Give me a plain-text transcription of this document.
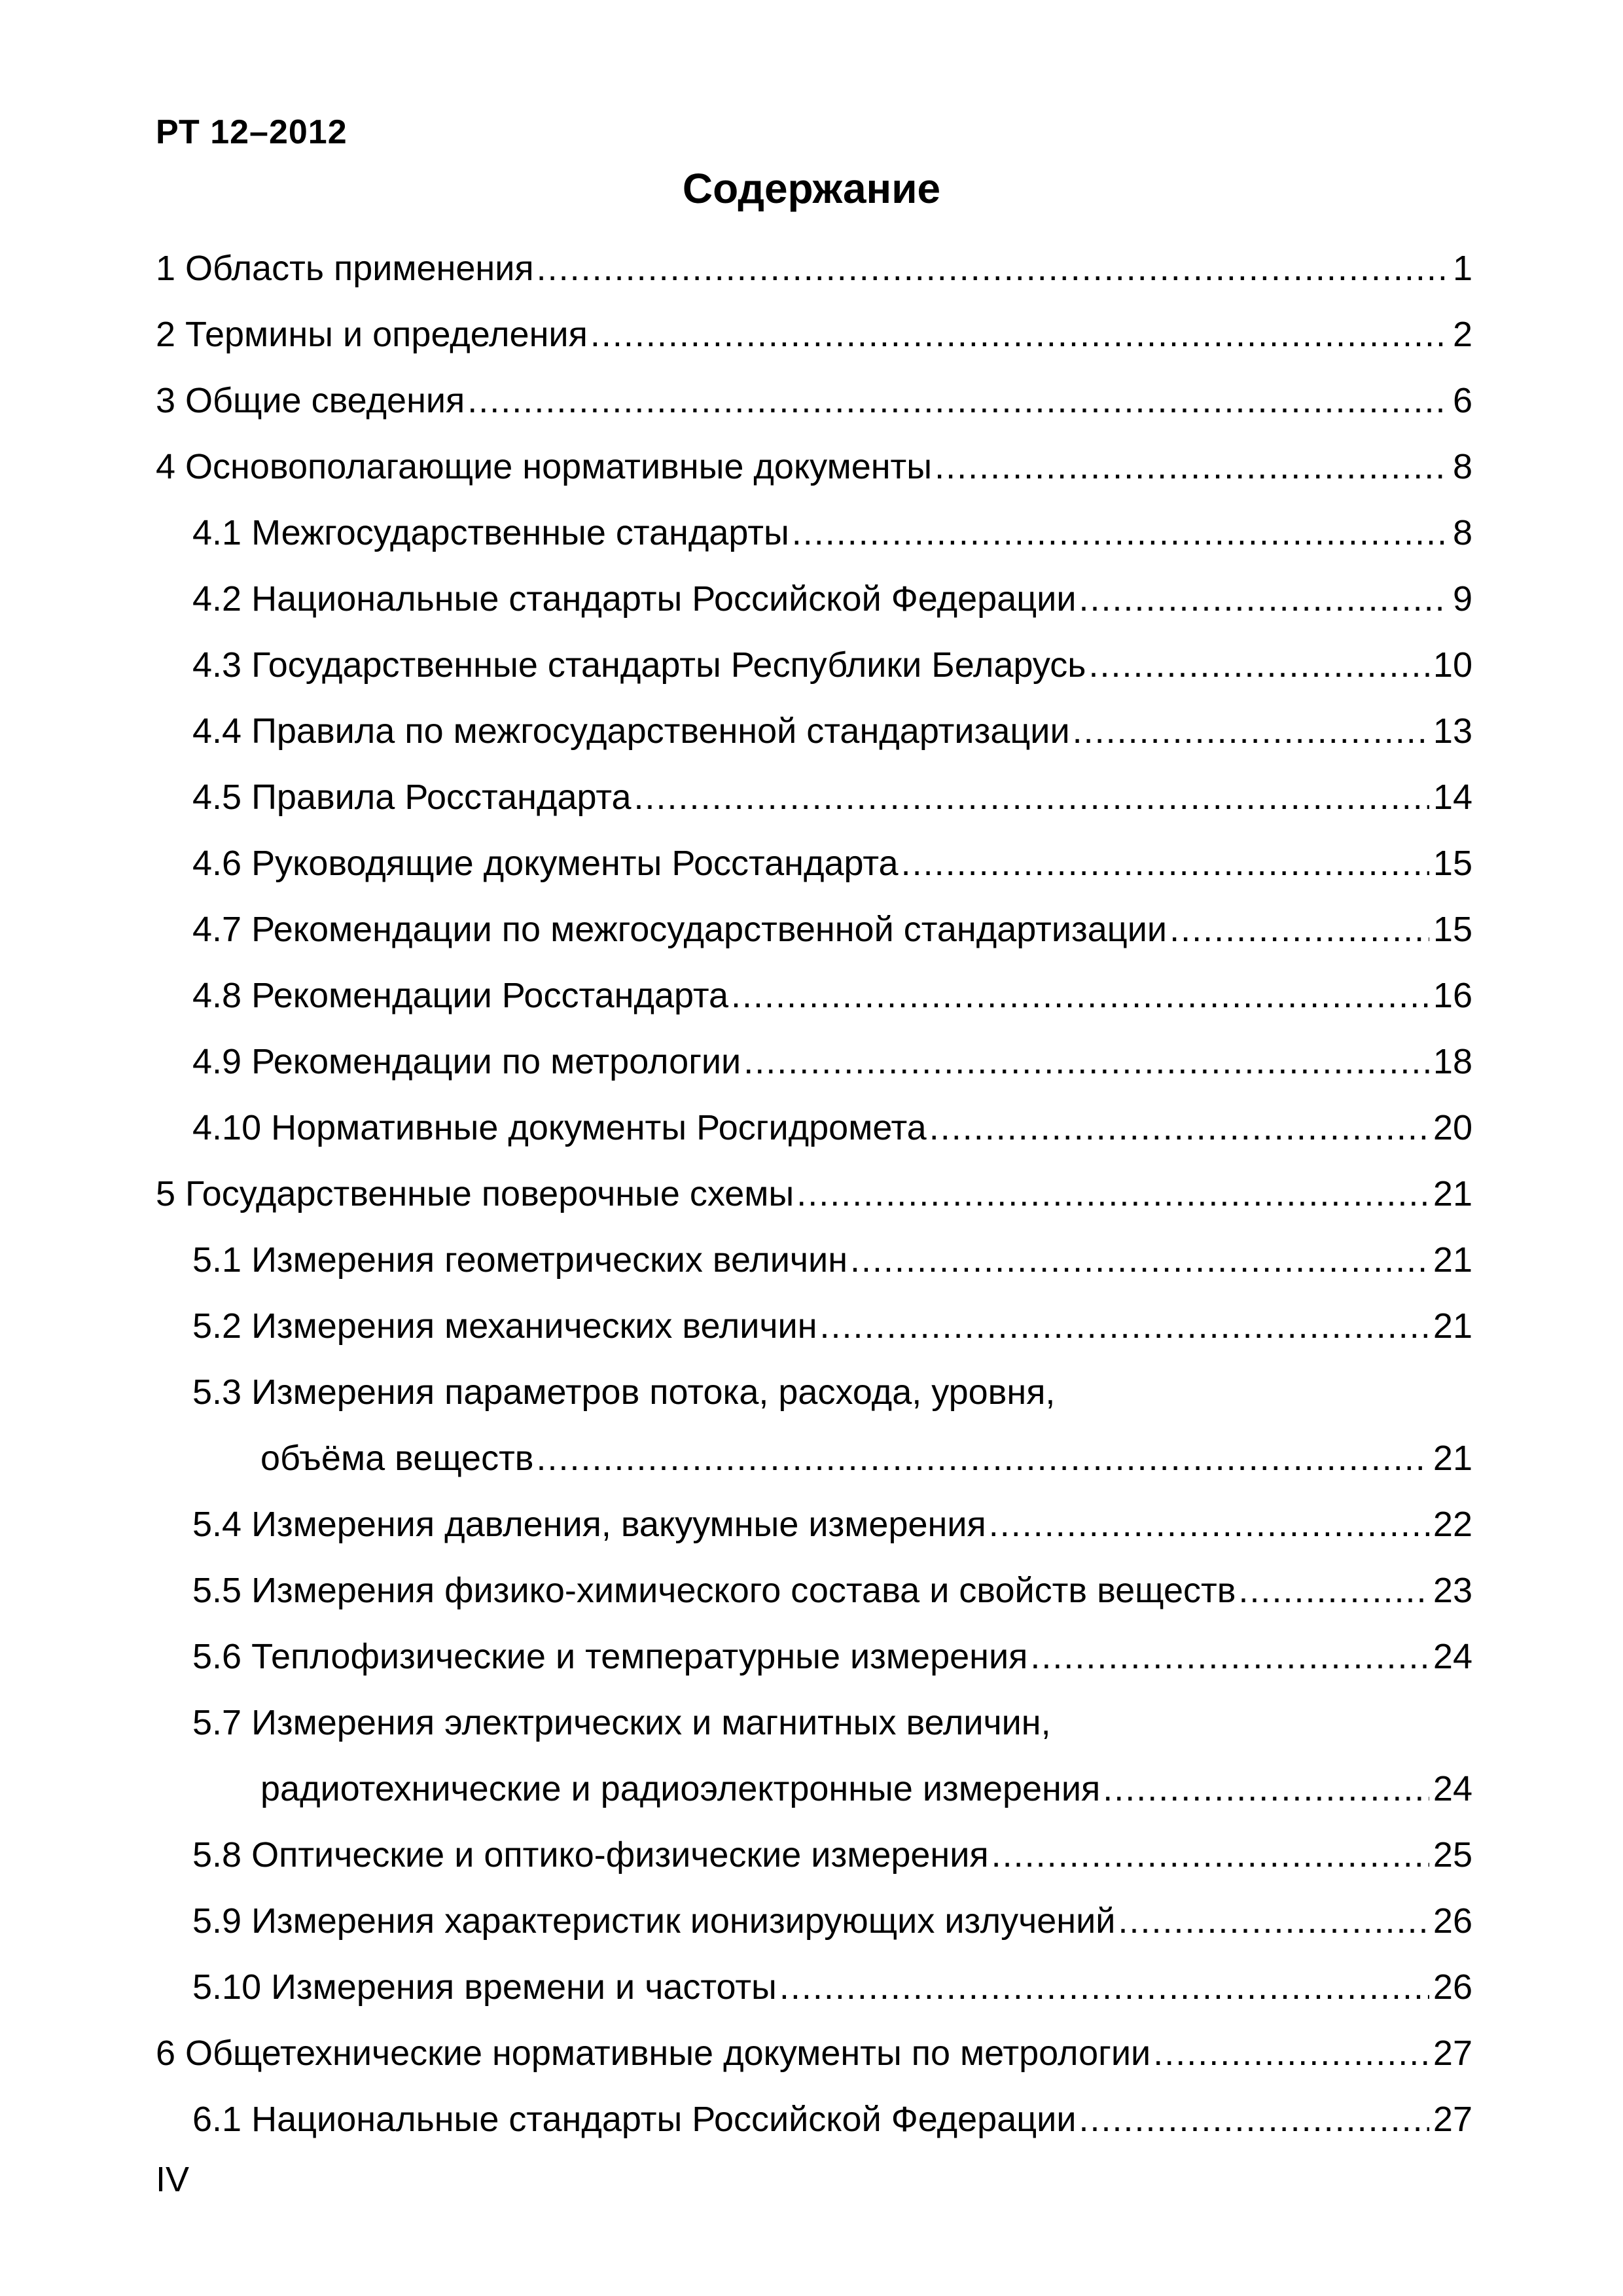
РТ 12–2012
Содержание
1 Область применения .....	1
2 Термины и определения .....	2
3 Общие сведения .....	6
4 Основополагающие нормативные документы .....	8
4.1 Межгосударственные стандарты .....	8
4.2 Национальные стандарты Российской Федерации .....	9
4.3 Государственные стандарты Республики Беларусь .....	10
4.4 Правила по межгосударственной стандартизации .....	13
4.5 Правила Росстандарта .....	14
4.6 Руководящие документы Росстандарта .....	15
4.7 Рекомендации по межгосударственной стандартизации .....	15
4.8 Рекомендации Росстандарта .....	16
4.9 Рекомендации по метрологии .....	18
4.10 Нормативные документы Росгидромета .....	20
5 Государственные поверочные схемы .....	21
5.1 Измерения геометрических величин .....	21
5.2 Измерения механических величин .....	21
5.3 Измерения параметров потока, расхода, уровня,
объёма веществ .....	21
5.4 Измерения давления, вакуумные измерения .....	22
5.5 Измерения физико-химического состава и свойств веществ .....	23
5.6 Теплофизические и температурные измерения .....	24
5.7 Измерения электрических и магнитных величин,
радиотехнические и радиоэлектронные измерения .....	24
5.8 Оптические и оптико-физические измерения .....	25
5.9 Измерения характеристик ионизирующих излучений .....	26
5.10 Измерения времени и частоты .....	26
6 Общетехнические нормативные документы по метрологии .....	27
6.1 Национальные стандарты Российской Федерации .....	27
IV
